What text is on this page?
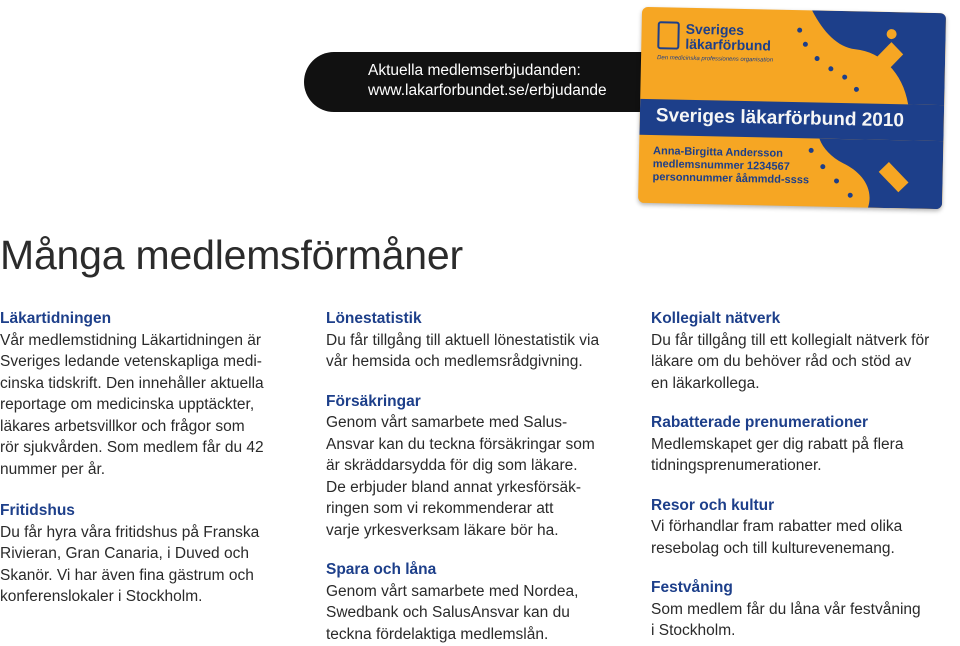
Aktuella medlemserbjudanden:
www.lakarforbundet.se/erbjudande
Sveriges
läkarförbund
Den medicinska professionens organisation
Sveriges läkarförbund 2010
Anna-Birgitta Andersson
medlemsnummer 1234567
personnummer ååmmdd-ssss
Många medlemsförmåner
Läkartidningen

Vår medlemstidning Läkartidningen är
Sveriges ledande vetenskapliga medi-
cinska tidskrift. Den innehåller aktuella
reportage om medicinska upptäckter,
läkares arbetsvillkor och frågor som
rör sjukvården. Som medlem får du 42
nummer per år.

Fritidshus

Du får hyra våra fritidshus på Franska
Rivieran, Gran Canaria, i Duved och
Skanör. Vi har även fina gästrum och
konferenslokaler i Stockholm.

Lönestatistik

Du får tillgång till aktuell lönestatistik via
vår hemsida och medlemsrådgivning.

Försäkringar

Genom vårt samarbete med Salus-
Ansvar kan du teckna försäkringar som
är skräddarsydda för dig som läkare.
De erbjuder bland annat yrkesförsäk-
ringen som vi rekommenderar att
varje yrkesverksam läkare bör ha.

Spara och låna

Genom vårt samarbete med Nordea,
Swedbank och SalusAnsvar kan du
teckna fördelaktiga medlemslån.

Kollegialt nätverk

Du får tillgång till ett kollegialt nätverk för
läkare om du behöver råd och stöd av
en läkarkollega.

Rabatterade prenumerationer

Medlemskapet ger dig rabatt på flera
tidningsprenumerationer.

Resor och kultur

Vi förhandlar fram rabatter med olika
resebolag och till kulturevenemang.

Festvåning

Som medlem får du låna vår festvåning
i Stockholm.
